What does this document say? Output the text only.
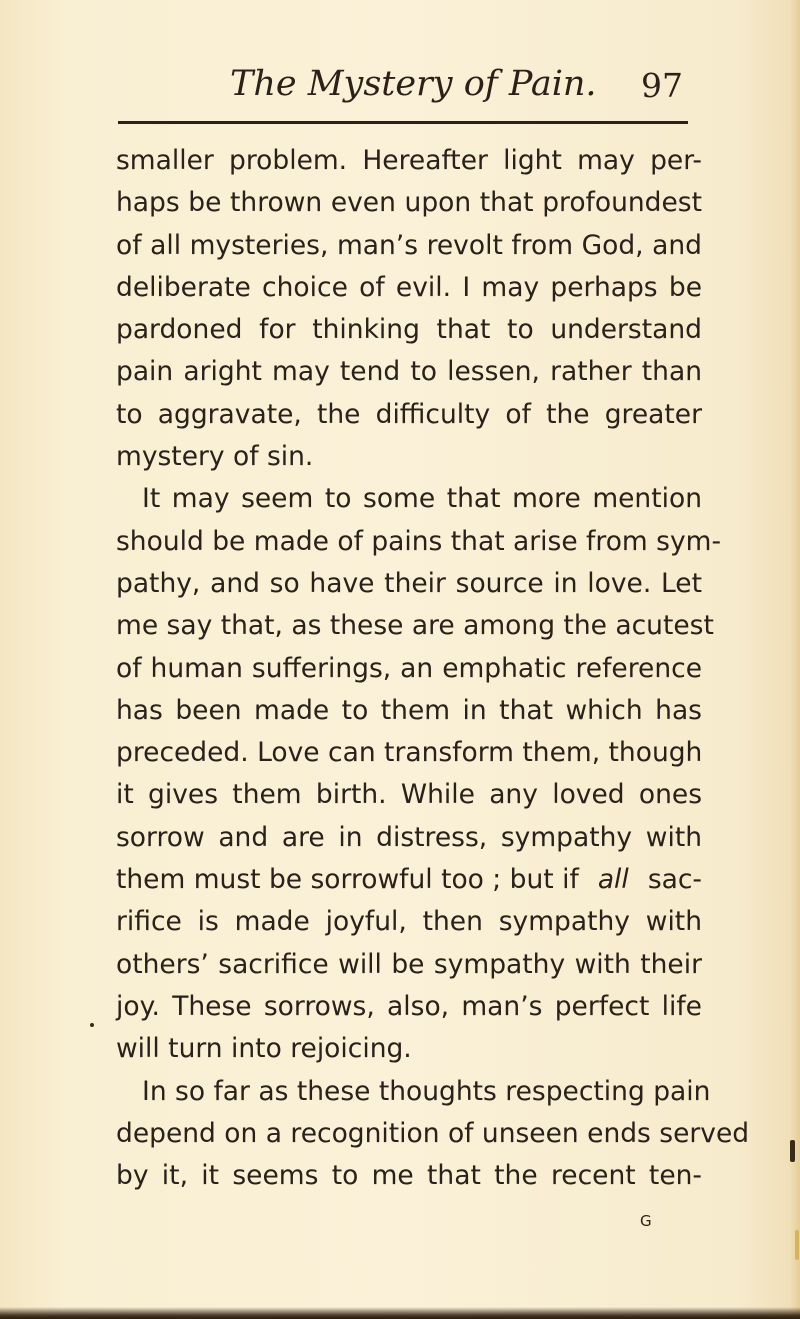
The Mystery of Pain. 97
smaller problem. Hereafter light may per-
haps be thrown even upon that profoundest
of all mysteries, man’s revolt from God, and
deliberate choice of evil. I may perhaps be
pardoned for thinking that to understand
pain aright may tend to lessen, rather than
to aggravate, the difficulty of the greater
mystery of sin.
It may seem to some that more mention
should be made of pains that arise from sym-
pathy, and so have their source in love. Let
me say that, as these are among the acutest
of human sufferings, an emphatic reference
has been made to them in that which has
preceded. Love can transform them, though
it gives them birth. While any loved ones
sorrow and are in distress, sympathy with
them must be sorrowful too ; but if all sac-
rifice is made joyful, then sympathy with
others’ sacrifice will be sympathy with their
joy. These sorrows, also, man’s perfect life
will turn into rejoicing.
In so far as these thoughts respecting pain
depend on a recognition of unseen ends served
by it, it seems to me that the recent ten-
G
